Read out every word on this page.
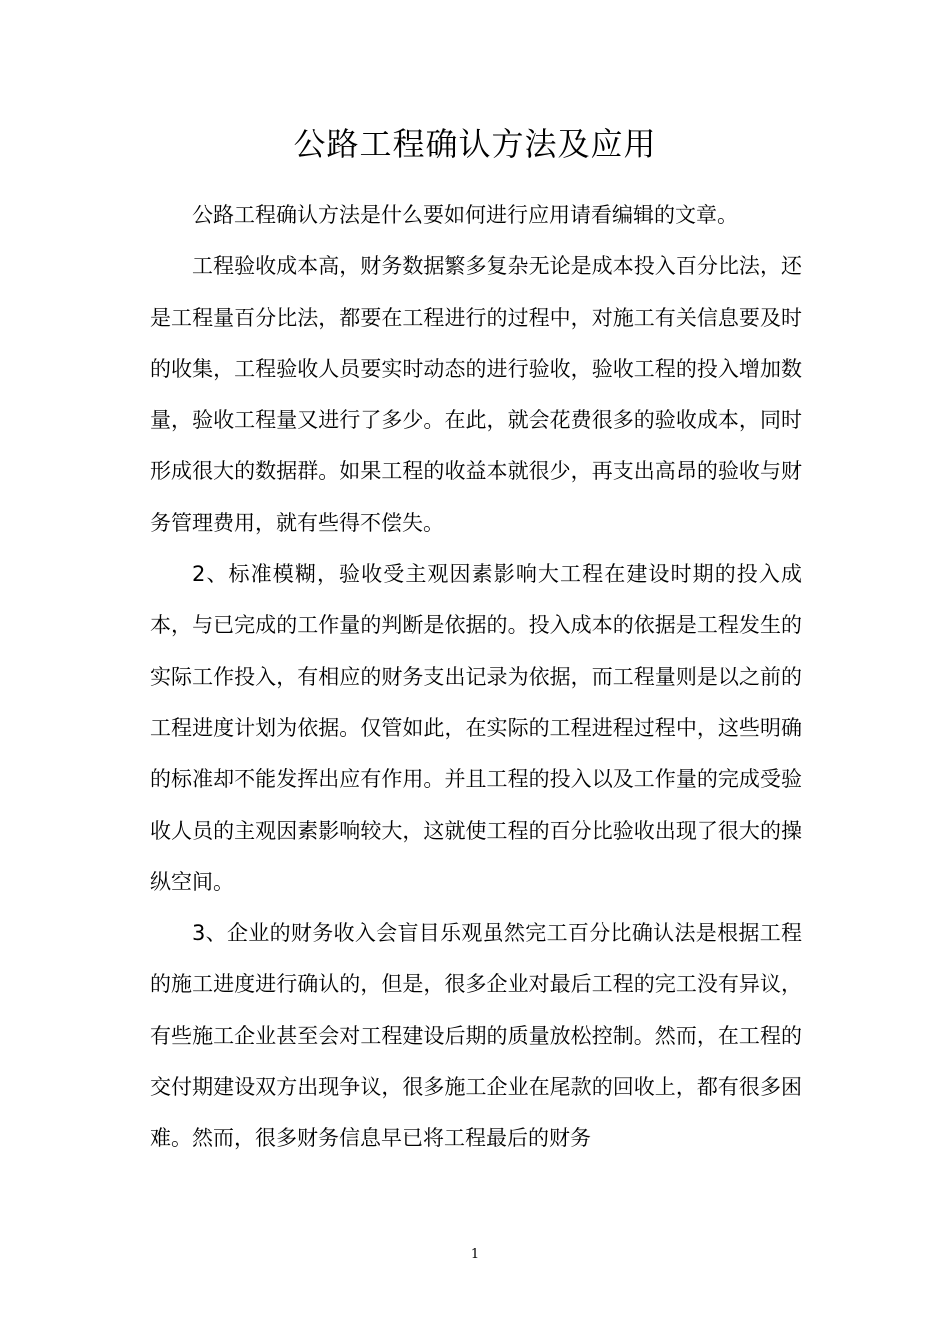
公路工程确认方法及应用

公路工程确认方法是什么要如何进行应用请看编辑的文章。

工程验收成本高，财务数据繁多复杂无论是成本投入百分比法，还是工程量百分比法，都要在工程进行的过程中，对施工有关信息要及时的收集，工程验收人员要实时动态的进行验收，验收工程的投入增加数量，验收工程量又进行了多少。在此，就会花费很多的验收成本，同时形成很大的数据群。如果工程的收益本就很少，再支出高昂的验收与财务管理费用，就有些得不偿失。

2、标准模糊，验收受主观因素影响大工程在建设时期的投入成本，与已完成的工作量的判断是依据的。投入成本的依据是工程发生的实际工作投入，有相应的财务支出记录为依据，而工程量则是以之前的工程进度计划为依据。仅管如此，在实际的工程进程过程中，这些明确的标准却不能发挥出应有作用。并且工程的投入以及工作量的完成受验收人员的主观因素影响较大，这就使工程的百分比验收出现了很大的操纵空间。

3、企业的财务收入会盲目乐观虽然完工百分比确认法是根据工程的施工进度进行确认的，但是，很多企业对最后工程的完工没有异议，有些施工企业甚至会对工程建设后期的质量放松控制。然而，在工程的交付期建设双方出现争议，很多施工企业在尾款的回收上，都有很多困难。然而，很多财务信息早已将工程最后的财务

1
